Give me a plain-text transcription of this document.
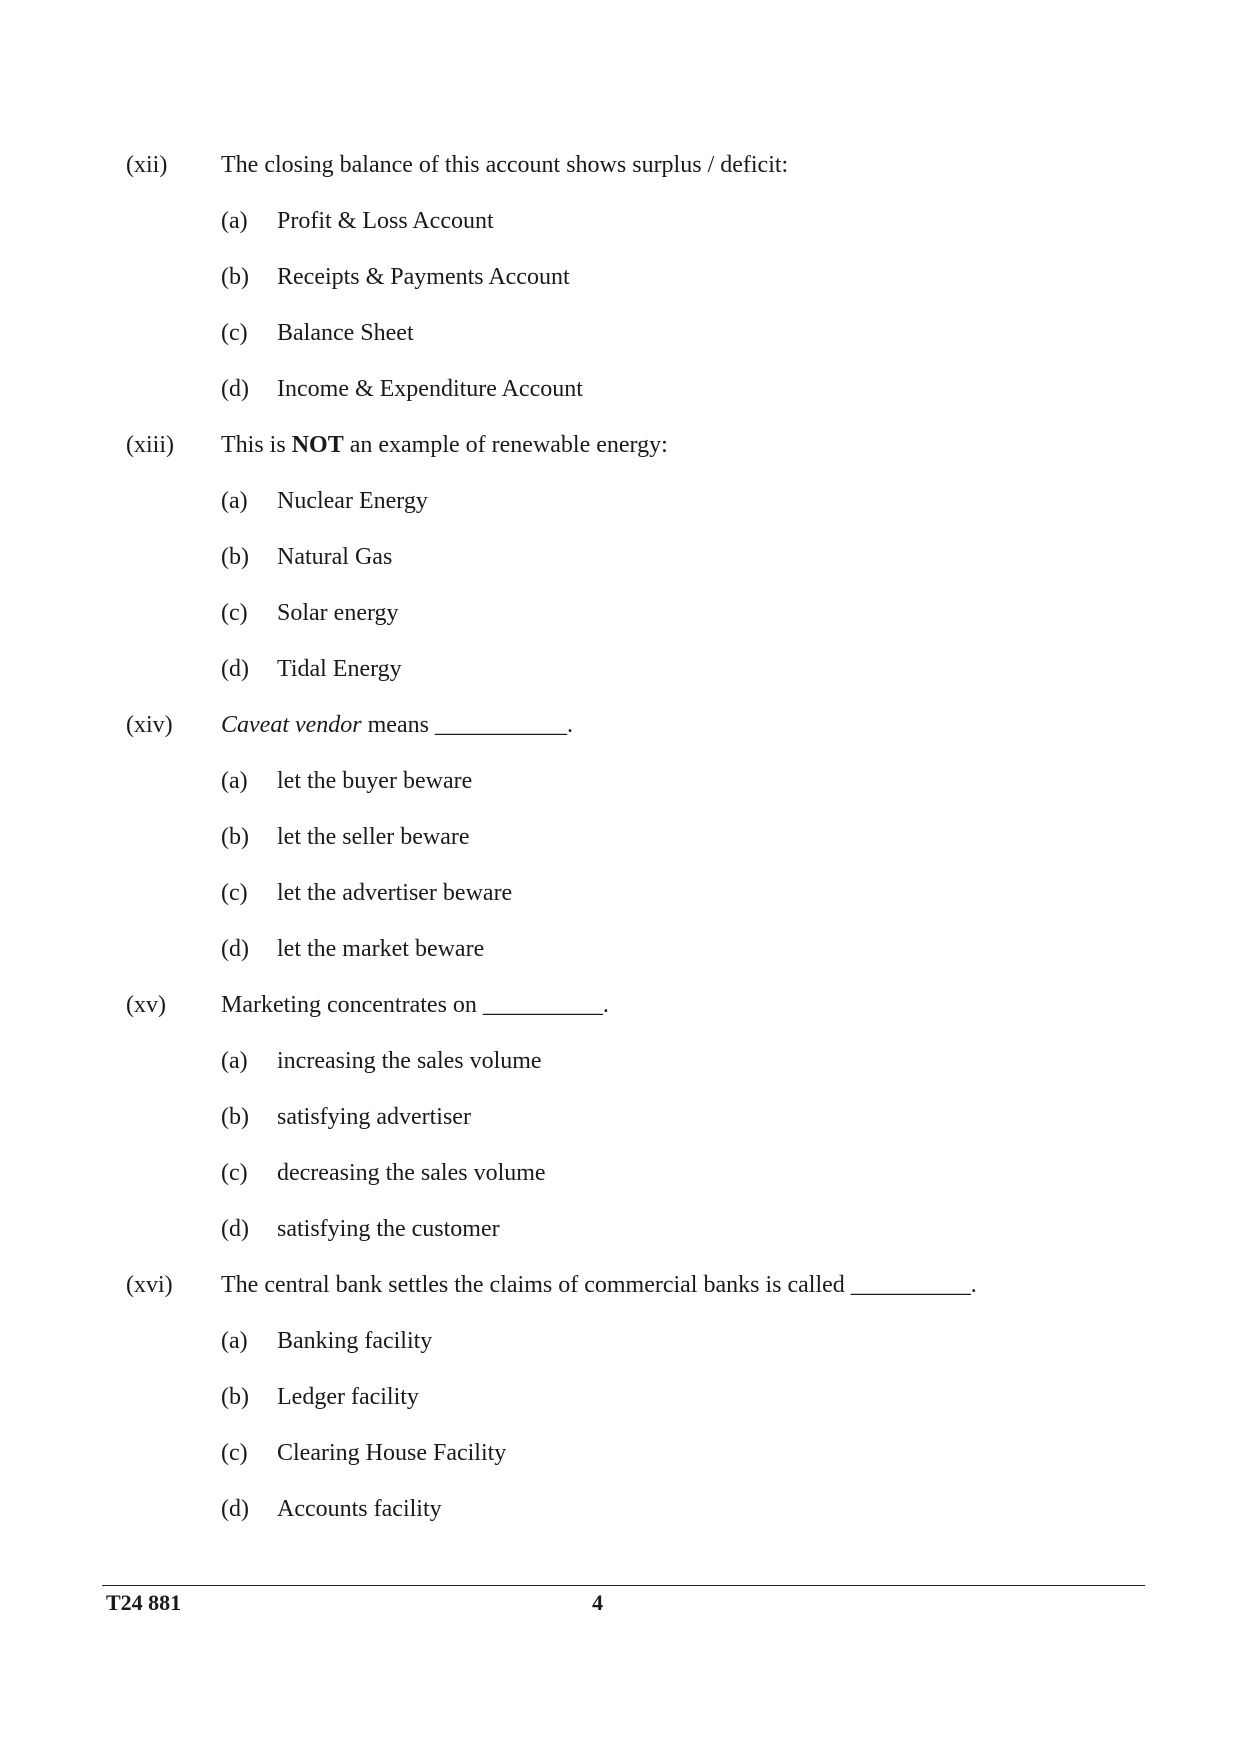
(xii) The closing balance of this account shows surplus / deficit:
(a) Profit & Loss Account
(b) Receipts & Payments Account
(c) Balance Sheet
(d) Income & Expenditure Account
(xiii) This is NOT an example of renewable energy:
(a) Nuclear Energy
(b) Natural Gas
(c) Solar energy
(d) Tidal Energy
(xiv) Caveat vendor means ___________.
(a) let the buyer beware
(b) let the seller beware
(c) let the advertiser beware
(d) let the market beware
(xv) Marketing concentrates on __________.
(a) increasing the sales volume
(b) satisfying advertiser
(c) decreasing the sales volume
(d) satisfying the customer
(xvi) The central bank settles the claims of commercial banks is called __________.
(a) Banking facility
(b) Ledger facility
(c) Clearing House Facility
(d) Accounts facility
T24 881	4
